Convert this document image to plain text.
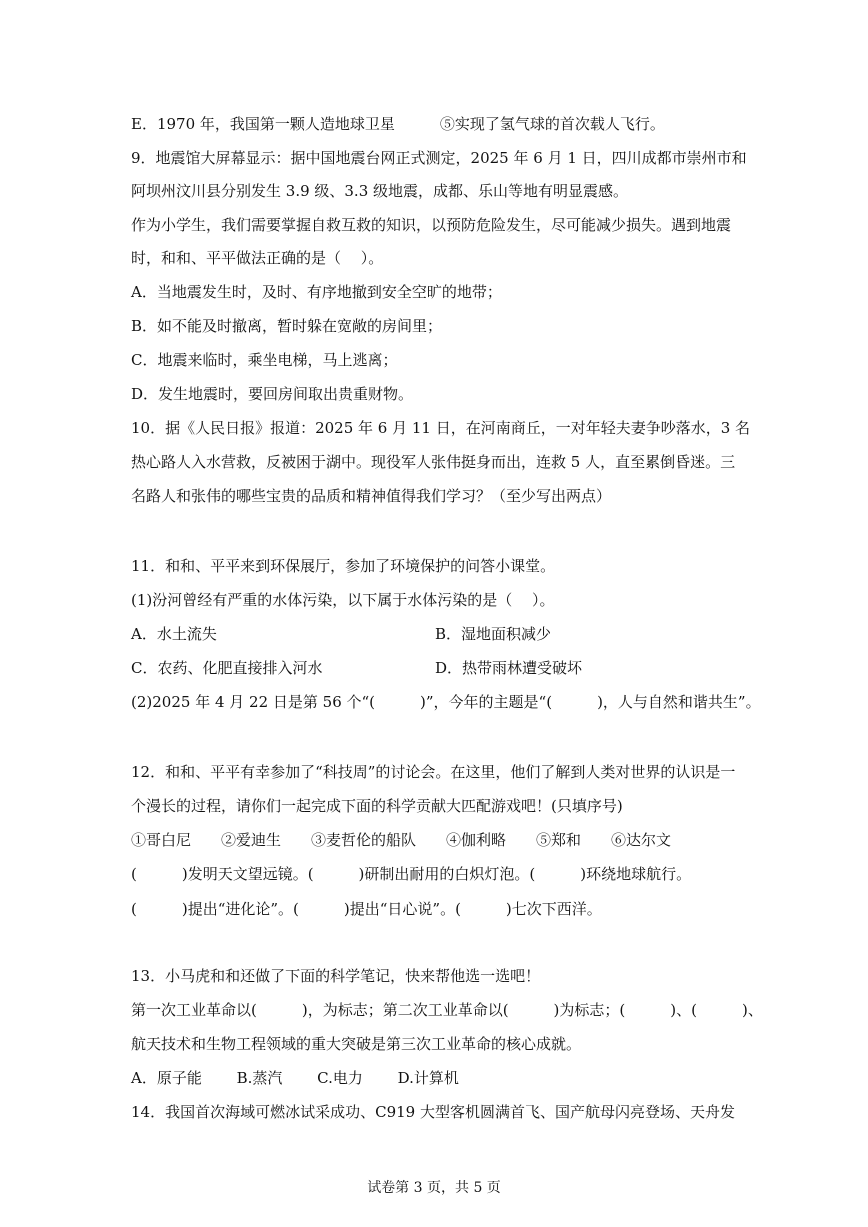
E．1970 年，我国第一颗人造地球卫星　　　⑤实现了氢气球的首次载人飞行。
9．地震馆大屏幕显示：据中国地震台网正式测定，2025 年 6 月 1 日，四川成都市崇州市和
阿坝州汶川县分别发生 3.9 级、3.3 级地震，成都、乐山等地有明显震感。
作为小学生，我们需要掌握自救互救的知识，以预防危险发生，尽可能减少损失。遇到地震
时，和和、平平做法正确的是（　 ）。
A．当地震发生时，及时、有序地撤到安全空旷的地带；
B．如不能及时撤离，暂时躲在宽敞的房间里；
C．地震来临时，乘坐电梯，马上逃离；
D．发生地震时，要回房间取出贵重财物。
10．据《人民日报》报道：2025 年 6 月 11 日，在河南商丘，一对年轻夫妻争吵落水，3 名
热心路人入水营救，反被困于湖中。现役军人张伟挺身而出，连救 5 人，直至累倒昏迷。三
名路人和张伟的哪些宝贵的品质和精神值得我们学习？（至少写出两点）
11．和和、平平来到环保展厅，参加了环境保护的问答小课堂。
(1)汾河曾经有严重的水体污染，以下属于水体污染的是（　 ）。
A．水土流失	B．湿地面积减少
C．农药、化肥直接排入河水	D．热带雨林遭受破坏
(2)2025 年 4 月 22 日是第 56 个“(　　　)”，今年的主题是“(　　　)，人与自然和谐共生”。
12．和和、平平有幸参加了“科技周”的讨论会。在这里，他们了解到人类对世界的认识是一
个漫长的过程，请你们一起完成下面的科学贡献大匹配游戏吧！(只填序号)
①哥白尼　　②爱迪生　　③麦哲伦的船队　　④伽利略　　⑤郑和　　⑥达尔文
(　　　)发明天文望远镜。(　　　)研制出耐用的白炽灯泡。(　　　)环绕地球航行。
(　　　)提出“进化论”。(　　　)提出“日心说”。(　　　)七次下西洋。
13．小马虎和和还做了下面的科学笔记，快来帮他选一选吧！
第一次工业革命以(　　　)，为标志；第二次工业革命以(　　　)为标志；(　　　)、(　　　)、
航天技术和生物工程领域的重大突破是第三次工业革命的核心成就。
A．原子能　　 B.蒸汽　　 C.电力　　 D.计算机
14．我国首次海域可燃冰试采成功、C919 大型客机圆满首飞、国产航母闪亮登场、天舟发
试卷第 3 页，共 5 页
